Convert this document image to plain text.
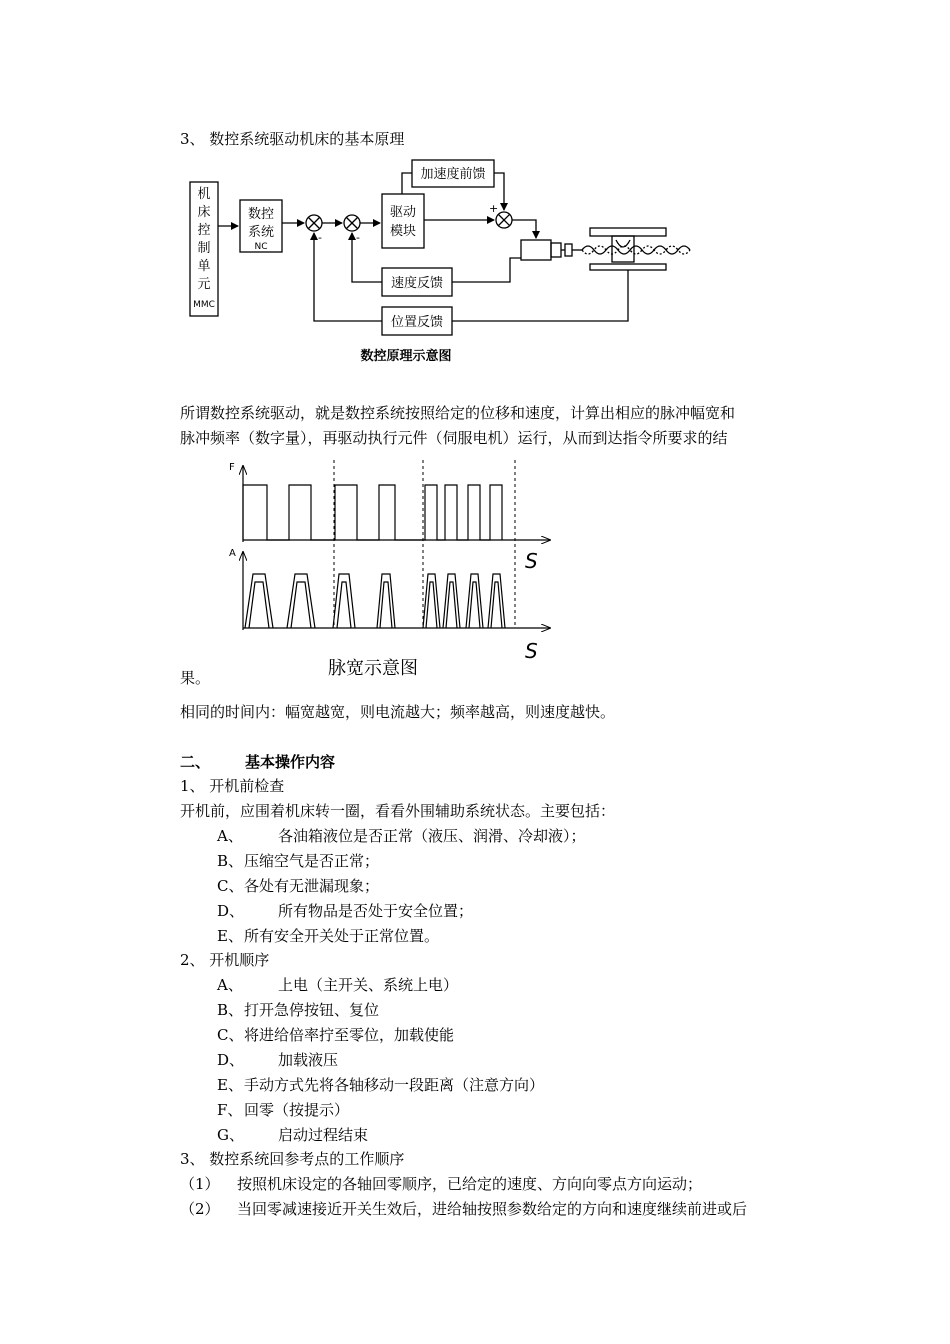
3、 数控系统驱动机床的基本原理
机
床
控
制
单
元
MMC
数控
系统
NC
驱动
模块
加速度前馈
速度反馈
位置反馈
+
-	-
数控原理示意图
所谓数控系统驱动，就是数控系统按照给定的位移和速度，计算出相应的脉冲幅宽和
脉冲频率（数字量），再驱动执行元件（伺服电机）运行，从而到达指令所要求的结
F
A	S
S
脉宽示意图
果。
相同的时间内：幅宽越宽，则电流越大；频率越高，则速度越快。
二、 基本操作内容
1、 开机前检查
开机前，应围着机床转一圈，看看外围辅助系统状态。主要包括：
A、 各油箱液位是否正常（液压、润滑、冷却液）；
B、 压缩空气是否正常；
C、 各处有无泄漏现象；
D、 所有物品是否处于安全位置；
E、 所有安全开关处于正常位置。
2、 开机顺序
A、 上电（主开关、系统上电）
B、 打开急停按钮、复位
C、 将进给倍率拧至零位，加载使能
D、 加载液压
E、 手动方式先将各轴移动一段距离（注意方向）
F、 回零（按提示）
G、 启动过程结束
3、 数控系统回参考点的工作顺序
（1） 按照机床设定的各轴回零顺序，已给定的速度、方向向零点方向运动；
（2） 当回零减速接近开关生效后，进给轴按照参数给定的方向和速度继续前进或后
